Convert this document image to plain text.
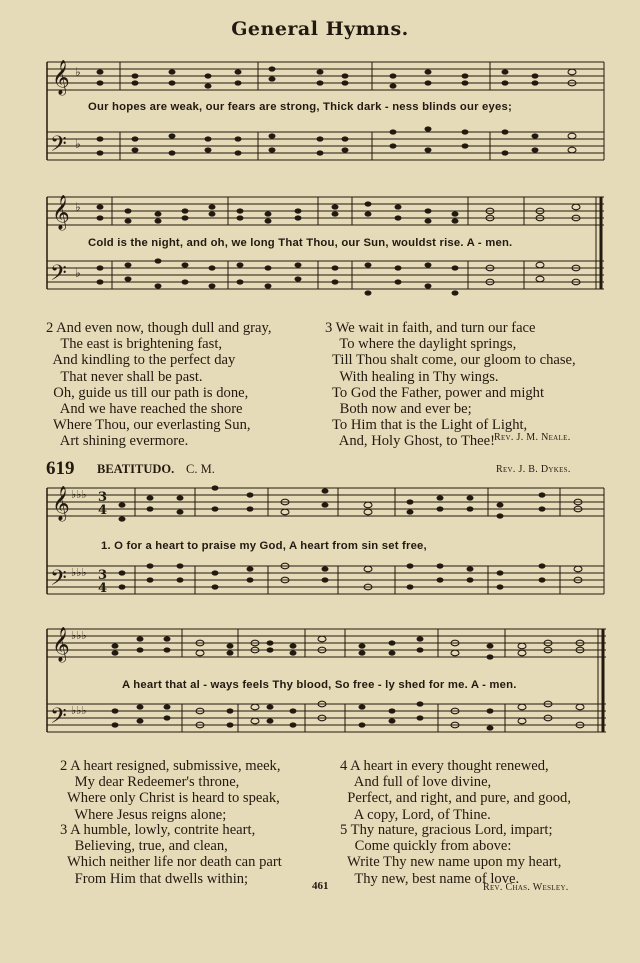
General Hymns.
𝄞
𝄢
♭
♭
Our hopes are weak, our fears are strong, Thick dark - ness blinds our eyes;
𝄞
𝄢
♭
♭
Cold is the night, and oh, we long That Thou, our Sun, wouldst rise. A - men.
2 And even now, though dull and gray,
The east is brightening fast,
And kindling to the perfect day
That never shall be past.
Oh, guide us till our path is done,
And we have reached the shore
Where Thou, our everlasting Sun,
Art shining evermore.
3 We wait in faith, and turn our face
To where the daylight springs,
Till Thou shalt come, our gloom to chase,
With healing in Thy wings.
To God the Father, power and might
Both now and ever be;
To Him that is the Light of Light,
And, Holy Ghost, to Thee! Rev. J. M. Neale.
619 BEATITUDO. C. M.	Rev. J. B. Dykes.
𝄞
𝄢
♭♭♭
♭♭♭
3
4
3
4
1. O for a heart to praise my God, A heart from sin set free,
𝄞
𝄢
♭♭♭
♭♭♭
A heart that al - ways feels Thy blood, So free - ly shed for me. A - men.
2 A heart resigned, submissive, meek,
My dear Redeemer's throne,
Where only Christ is heard to speak,
Where Jesus reigns alone;
3 A humble, lowly, contrite heart,
Believing, true, and clean,
Which neither life nor death can part
From Him that dwells within;
4 A heart in every thought renewed,
And full of love divine,
Perfect, and right, and pure, and good,
A copy, Lord, of Thine.
5 Thy nature, gracious Lord, impart;
Come quickly from above:
Write Thy new name upon my heart,
Thy new, best name of love.
461	Rev. Chas. Wesley.
